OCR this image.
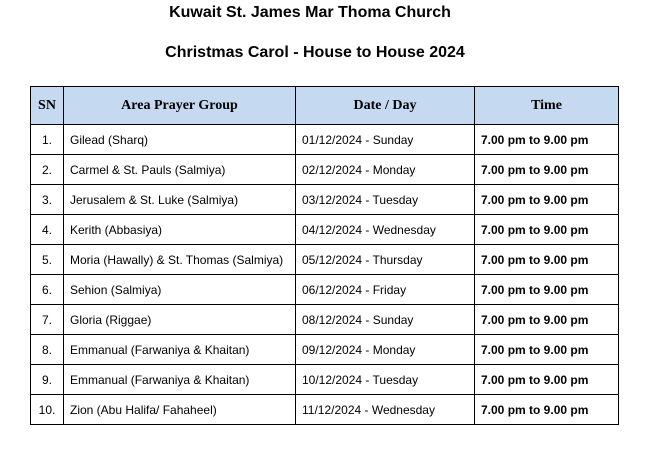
Kuwait St. James Mar Thoma Church
Christmas Carol - House to House 2024
SN	Area Prayer Group	Date / Day	Time
1.	Gilead (Sharq)	01/12/2024 - Sunday	7.00 pm to 9.00 pm
2.	Carmel & St. Pauls (Salmiya)	02/12/2024 - Monday	7.00 pm to 9.00 pm
3.	Jerusalem & St. Luke (Salmiya)	03/12/2024 - Tuesday	7.00 pm to 9.00 pm
4.	Kerith (Abbasiya)	04/12/2024 - Wednesday	7.00 pm to 9.00 pm
5.	Moria (Hawally) & St. Thomas (Salmiya)	05/12/2024 - Thursday	7.00 pm to 9.00 pm
6.	Sehion (Salmiya)	06/12/2024 - Friday	7.00 pm to 9.00 pm
7.	Gloria (Riggae)	08/12/2024 - Sunday	7.00 pm to 9.00 pm
8.	Emmanual (Farwaniya & Khaitan)	09/12/2024 - Monday	7.00 pm to 9.00 pm
9.	Emmanual (Farwaniya & Khaitan)	10/12/2024 - Tuesday	7.00 pm to 9.00 pm
10.	Zion (Abu Halifa/ Fahaheel)	11/12/2024 - Wednesday	7.00 pm to 9.00 pm
